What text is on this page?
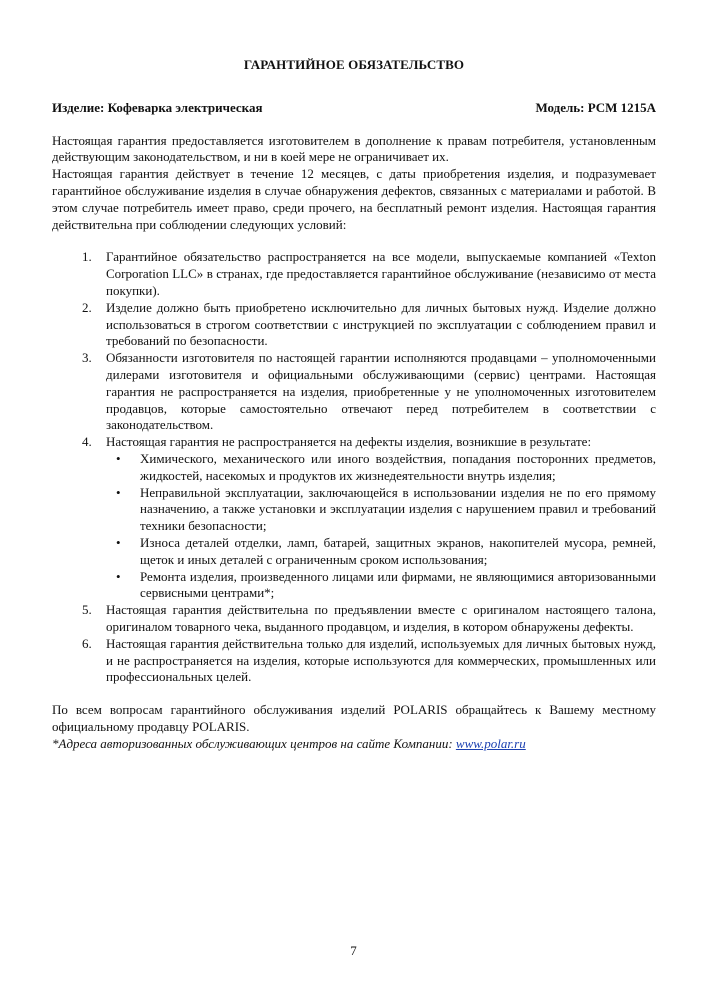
ГАРАНТИЙНОЕ ОБЯЗАТЕЛЬСТВО
Изделие: Кофеварка электрическая	Модель: PCM 1215A

Настоящая гарантия предоставляется изготовителем в дополнение к правам потребителя, установленным действующим законодательством, и ни в коей мере не ограничивает их.

Настоящая гарантия действует в течение 12 месяцев, с даты приобретения изделия, и подразумевает гарантийное обслуживание изделия в случае обнаружения дефектов, связанных с материалами и работой. В этом случае потребитель имеет право, среди прочего, на бесплатный ремонт изделия. Настоящая гарантия действительна при соблюдении следующих условий:

1. Гарантийное обязательство распространяется на все модели, выпускаемые компанией «Texton Corporation LLC» в странах, где предоставляется гарантийное обслуживание (независимо от места покупки).
2. Изделие должно быть приобретено исключительно для личных бытовых нужд. Изделие должно использоваться в строгом соответствии с инструкцией по эксплуатации с соблюдением правил и требований по безопасности.
3. Обязанности изготовителя по настоящей гарантии исполняются продавцами – уполномоченными дилерами изготовителя и официальными обслуживающими (сервис) центрами. Настоящая гарантия не распространяется на изделия, приобретенные у не уполномоченных изготовителем продавцов, которые самостоятельно отвечают перед потребителем в соответствии с законодательством.
4. Настоящая гарантия не распространяется на дефекты изделия, возникшие в результате:
• Химического, механического или иного воздействия, попадания посторонних предметов, жидкостей, насекомых и продуктов их жизнедеятельности внутрь изделия;
• Неправильной эксплуатации, заключающейся в использовании изделия не по его прямому назначению, а также установки и эксплуатации изделия с нарушением правил и требований техники безопасности;
• Износа деталей отделки, ламп, батарей, защитных экранов, накопителей мусора, ремней, щеток и иных деталей с ограниченным сроком использования;
• Ремонта изделия, произведенного лицами или фирмами, не являющимися авторизованными сервисными центрами*;
5. Настоящая гарантия действительна по предъявлении вместе с оригиналом настоящего талона, оригиналом товарного чека, выданного продавцом, и изделия, в котором обнаружены дефекты.
6. Настоящая гарантия действительна только для изделий, используемых для личных бытовых нужд, и не распространяется на изделия, которые используются для коммерческих, промышленных или профессиональных целей.

По всем вопросам гарантийного обслуживания изделий POLARIS обращайтесь к Вашему местному официальному продавцу POLARIS.

*Адреса авторизованных обслуживающих центров на сайте Компании: www.polar.ru

7
